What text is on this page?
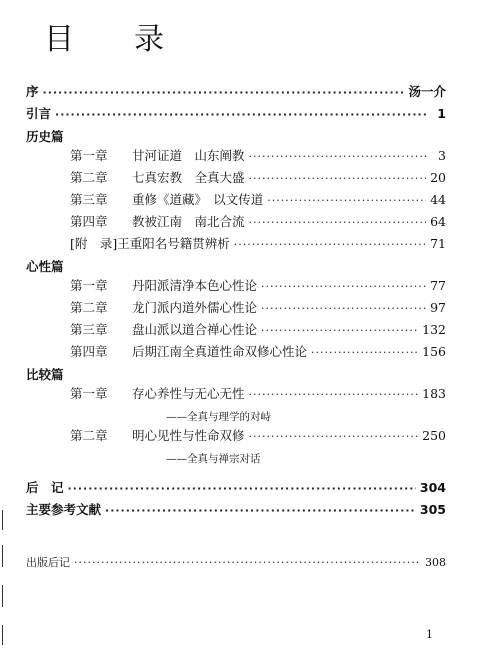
目 录
序 ·····	汤一介
引言 ·····	1
历史篇
第一章	甘河证道　山东阐教 ·····	3
第二章	七真宏教　全真大盛 ·····	20
第三章	重修《道藏》　以文传道 ·····	44
第四章	教被江南　南北合流 ·····	64
[附　录]王重阳名号籍贯辨析 ·····	71
心性篇
第一章	丹阳派清净本色心性论 ·····	77
第二章	龙门派内道外儒心性论 ·····	97
第三章	盘山派以道合禅心性论 ·····	132
第四章	后期江南全真道性命双修心性论 ·····	156
比较篇
第一章	存心养性与无心无性 ·····	183
——全真与理学的对峙
第二章	明心见性与性命双修 ·····	250
——全真与禅宗对话
后　记 ·····	304
主要参考文献 ·····	305
出版后记 ·····	308
1
